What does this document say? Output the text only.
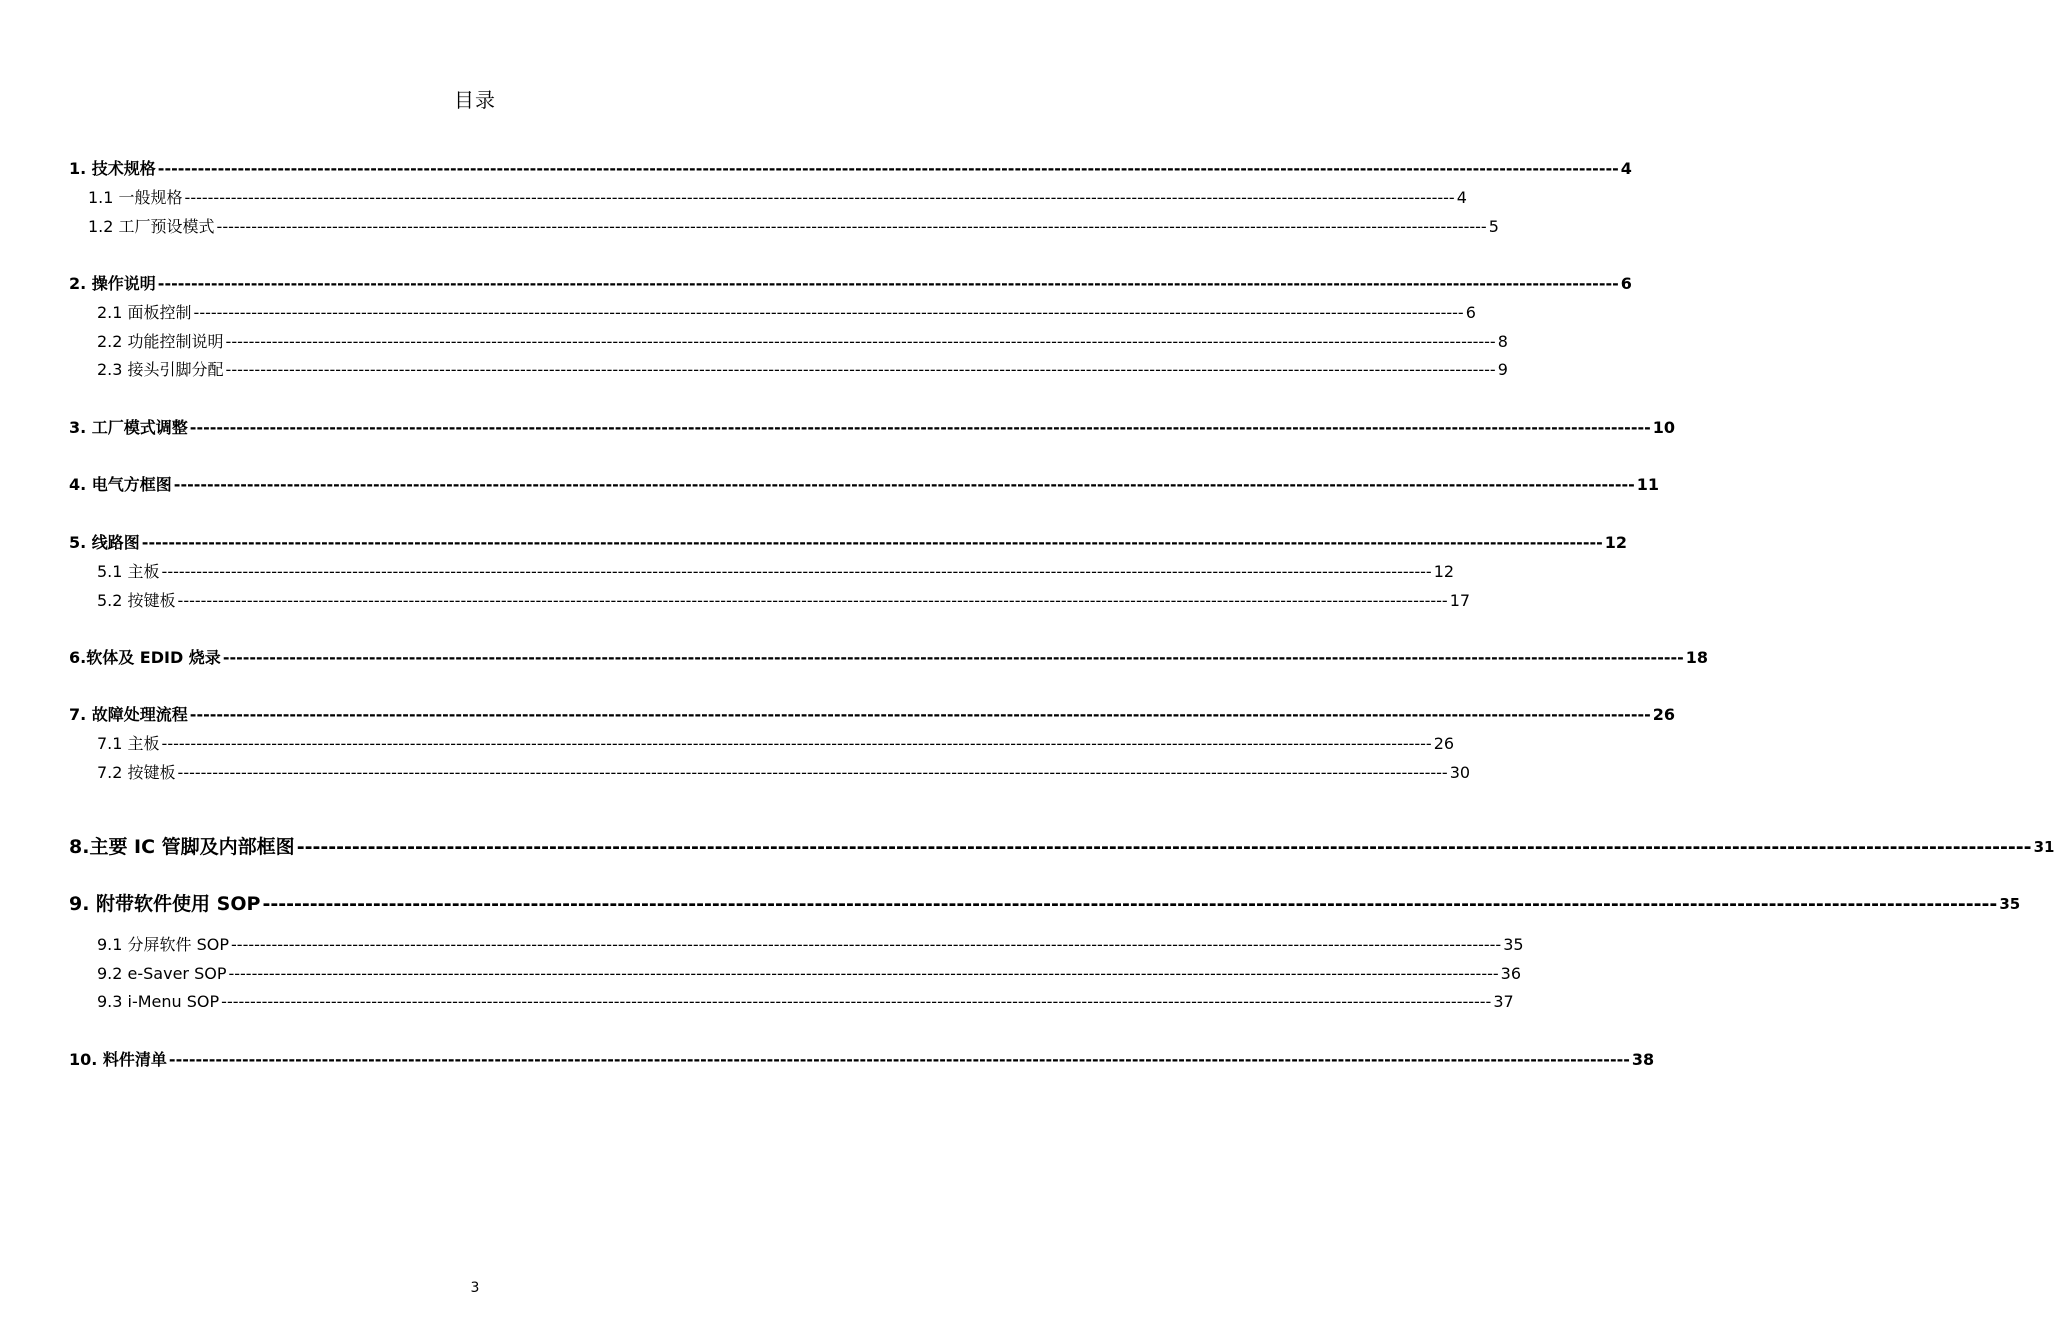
目录
1. 技术规格 ---------------------------------------------------------------------------------------------------------------------------------------------------------------------------------------------------------------------------- 4
1.1 一般规格 ---------------------------------------------------------------------------------------------------------------------------------------------------------------------------------------------------------------------------- 4
1.2 工厂预设模式 ---------------------------------------------------------------------------------------------------------------------------------------------------------------------------------------------------------------------------- 5
2. 操作说明 ---------------------------------------------------------------------------------------------------------------------------------------------------------------------------------------------------------------------------- 6
2.1 面板控制 ---------------------------------------------------------------------------------------------------------------------------------------------------------------------------------------------------------------------------- 6
2.2 功能控制说明 ---------------------------------------------------------------------------------------------------------------------------------------------------------------------------------------------------------------------------- 8
2.3 接头引脚分配 ---------------------------------------------------------------------------------------------------------------------------------------------------------------------------------------------------------------------------- 9
3. 工厂模式调整 ---------------------------------------------------------------------------------------------------------------------------------------------------------------------------------------------------------------------------- 10
4. 电气方框图 ---------------------------------------------------------------------------------------------------------------------------------------------------------------------------------------------------------------------------- 11
5. 线路图 ---------------------------------------------------------------------------------------------------------------------------------------------------------------------------------------------------------------------------- 12
5.1 主板 ---------------------------------------------------------------------------------------------------------------------------------------------------------------------------------------------------------------------------- 12
5.2 按键板 ---------------------------------------------------------------------------------------------------------------------------------------------------------------------------------------------------------------------------- 17
6.软体及 EDID 烧录 ---------------------------------------------------------------------------------------------------------------------------------------------------------------------------------------------------------------------------- 18
7. 故障处理流程 ---------------------------------------------------------------------------------------------------------------------------------------------------------------------------------------------------------------------------- 26
7.1 主板 ---------------------------------------------------------------------------------------------------------------------------------------------------------------------------------------------------------------------------- 26
7.2 按键板 ---------------------------------------------------------------------------------------------------------------------------------------------------------------------------------------------------------------------------- 30
8.主要 IC 管脚及内部框图 ---------------------------------------------------------------------------------------------------------------------------------------------------------------------------------------------------------------------------- 31
9. 附带软件使用 SOP ---------------------------------------------------------------------------------------------------------------------------------------------------------------------------------------------------------------------------- 35
9.1 分屏软件 SOP ---------------------------------------------------------------------------------------------------------------------------------------------------------------------------------------------------------------------------- 35
9.2 e-Saver SOP ---------------------------------------------------------------------------------------------------------------------------------------------------------------------------------------------------------------------------- 36
9.3 i-Menu SOP ---------------------------------------------------------------------------------------------------------------------------------------------------------------------------------------------------------------------------- 37
10. 料件清单 ---------------------------------------------------------------------------------------------------------------------------------------------------------------------------------------------------------------------------- 38
3
